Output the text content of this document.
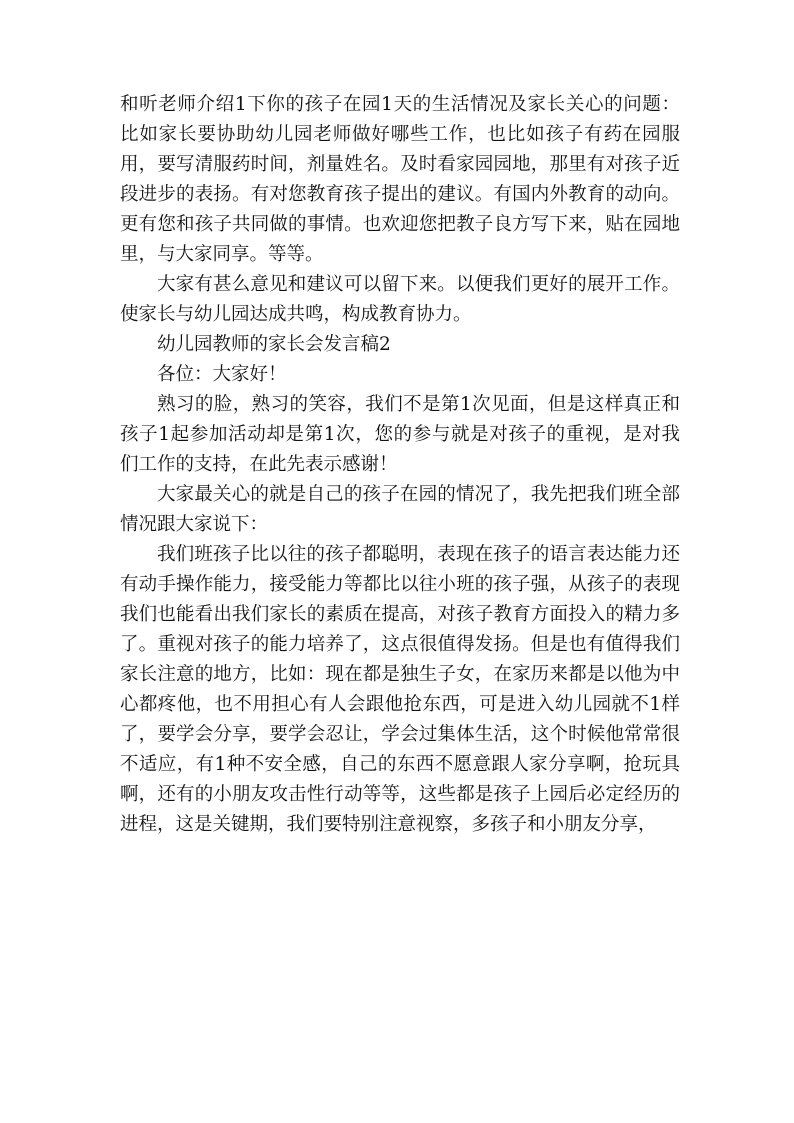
和听老师介绍1下你的孩子在园1天的生活情况及家长关心的问题：比如家长要协助幼儿园老师做好哪些工作，也比如孩子有药在园服用，要写清服药时间，剂量姓名。及时看家园园地，那里有对孩子近段进步的表扬。有对您教育孩子提出的建议。有国内外教育的动向。更有您和孩子共同做的事情。也欢迎您把教子良方写下来，贴在园地里，与大家同享。等等。

大家有甚么意见和建议可以留下来。以便我们更好的展开工作。使家长与幼儿园达成共鸣，构成教育协力。

幼儿园教师的家长会发言稿2

各位：大家好！

熟习的脸，熟习的笑容，我们不是第1次见面，但是这样真正和孩子1起参加活动却是第1次，您的参与就是对孩子的重视，是对我们工作的支持，在此先表示感谢！

大家最关心的就是自己的孩子在园的情况了，我先把我们班全部情况跟大家说下：

我们班孩子比以往的孩子都聪明，表现在孩子的语言表达能力还有动手操作能力，接受能力等都比以往小班的孩子强，从孩子的表现我们也能看出我们家长的素质在提高，对孩子教育方面投入的精力多了。重视对孩子的能力培养了，这点很值得发扬。但是也有值得我们家长注意的地方，比如：现在都是独生子女，在家历来都是以他为中心都疼他，也不用担心有人会跟他抢东西，可是进入幼儿园就不1样了，要学会分享，要学会忍让，学会过集体生活，这个时候他常常很不适应，有1种不安全感，自己的东西不愿意跟人家分享啊，抢玩具啊，还有的小朋友攻击性行动等等，这些都是孩子上园后必定经历的进程，这是关键期，我们要特别注意视察，多孩子和小朋友分享，
